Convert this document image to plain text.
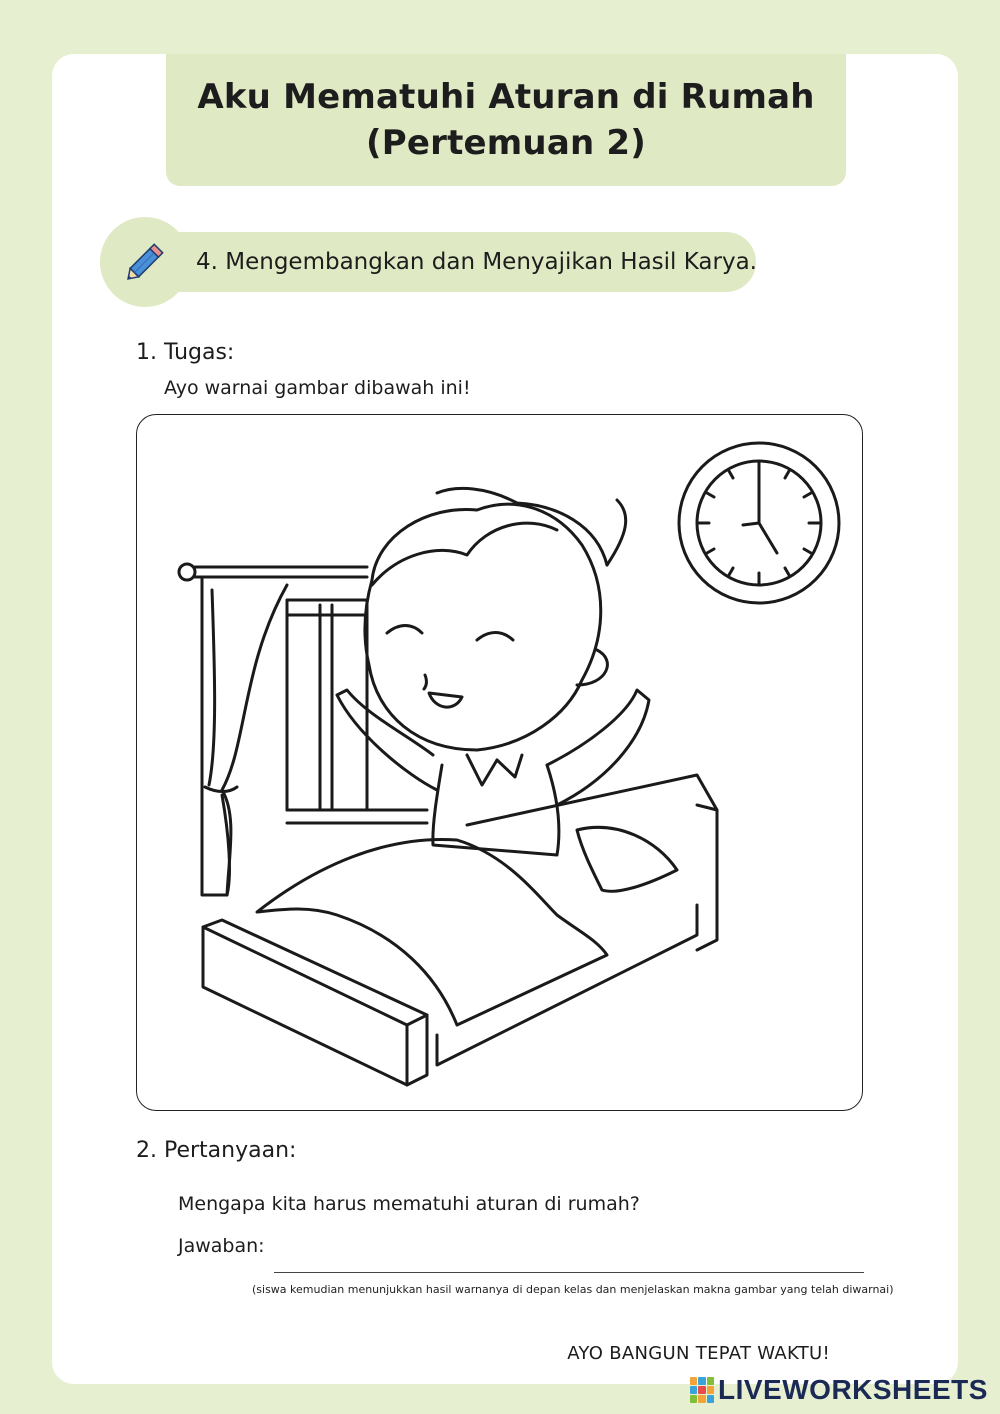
Aku Mematuhi Aturan di Rumah
(Pertemuan 2)
4. Mengembangkan dan Menyajikan Hasil Karya.
1. Tugas:
Ayo warnai gambar dibawah ini!
AYO BANGUN TEPAT WAKTU!
2. Pertanyaan:
Mengapa kita harus mematuhi aturan di rumah?
Jawaban:
(siswa kemudian menunjukkan hasil warnanya di depan kelas dan menjelaskan makna gambar yang telah diwarnai)
LIVEWORKSHEETS
